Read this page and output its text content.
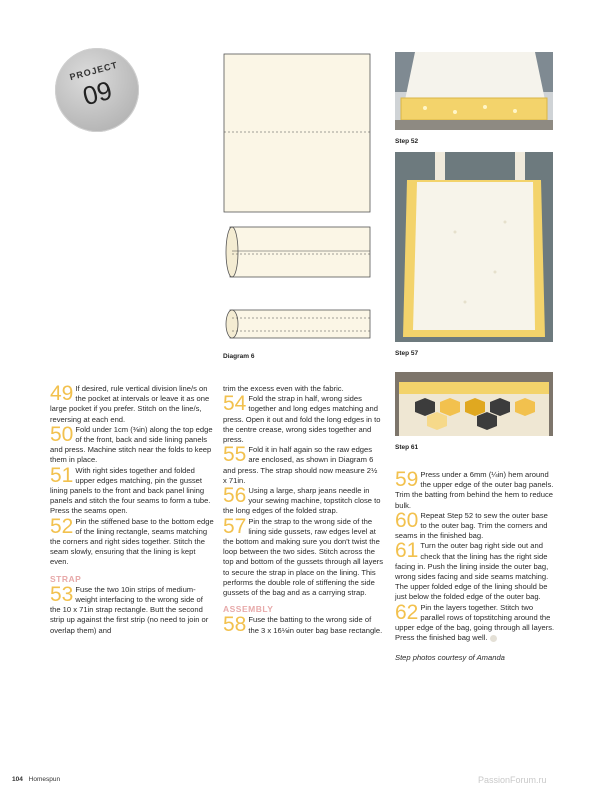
PROJECT
09
Diagram 6
Step 52
Step 57
Step 61
49 If desired, rule vertical division line/s on the pocket at intervals or leave it as one large pocket if you prefer. Stitch on the line/s, reversing at each end.
50 Fold under 1cm (⅜in) along the top edge of the front, back and side lining panels and press. Machine stitch near the folds to keep them in place.
51 With right sides together and folded upper edges matching, pin the gusset lining panels to the front and back panel lining panels and stitch the four seams to form a tube. Press the seams open.
52 Pin the stiffened base to the bottom edge of the lining rectangle, seams matching the corners and right sides together. Stitch the seam slowly, ensuring that the lining is kept even.
STRAP
53 Fuse the two 10in strips of medium-weight interfacing to the wrong side of the 10 x 71in strap rectangle. Butt the second strip up against the first strip (no need to join or overlap them) and
trim the excess even with the fabric.
54 Fold the strap in half, wrong sides together and long edges matching and press. Open it out and fold the long edges in to the centre crease, wrong sides together and press.
55 Fold it in half again so the raw edges are enclosed, as shown in Diagram 6 and press. The strap should now measure 2½ x 71in.
56 Using a large, sharp jeans needle in your sewing machine, topstitch close to the long edges of the folded strap.
57 Pin the strap to the wrong side of the lining side gussets, raw edges level at the bottom and making sure you don't twist the loop between the two sides. Stitch across the top and bottom of the gussets through all layers to secure the strap in place on the lining. This performs the double role of stiffening the side gussets of the bag and as a carrying strap.
ASSEMBLY
58 Fuse the batting to the wrong side of the 3 x 16⅛in outer bag base rectangle.
59 Press under a 6mm (¼in) hem around the upper edge of the outer bag panels. Trim the batting from behind the hem to reduce bulk.
60 Repeat Step 52 to sew the outer base to the outer bag. Trim the corners and seams in the finished bag.
61 Turn the outer bag right side out and check that the lining has the right side facing in. Push the lining inside the outer bag, wrong sides facing and side seams matching. The upper folded edge of the lining should be just below the folded edge of the outer bag.
62 Pin the layers together. Stitch two parallel rows of topstitching around the upper edge of the bag, going through all layers. Press the finished bag well.
Step photos courtesy of Amanda
104 Homespun	PassionForum.ru
